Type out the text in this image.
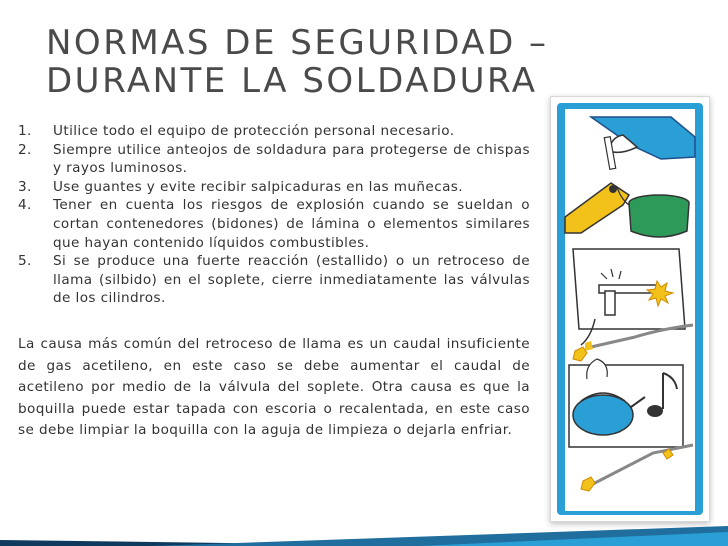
NORMAS DE SEGURIDAD –
DURANTE LA SOLDADURA
1. Utilice todo el equipo de protección personal necesario.
2. Siempre utilice anteojos de soldadura para protegerse de chispas y rayos luminosos.
3. Use guantes y evite recibir salpicaduras en las muñecas.
4. Tener en cuenta los riesgos de explosión cuando se sueldan o cortan contenedores (bidones) de lámina o elementos similares que hayan contenido líquidos combustibles.
5. Si se produce una fuerte reacción (estallido) o un retroceso de llama (silbido) en el soplete, cierre inmediatamente las válvulas de los cilindros.

La causa más común del retroceso de llama es un caudal insuficiente de gas acetileno, en este caso se debe aumentar el caudal de acetileno por medio de la válvula del soplete. Otra causa es que la boquilla puede estar tapada con escoria o recalentada, en este caso se debe limpiar la boquilla con la aguja de limpieza o dejarla enfriar.
